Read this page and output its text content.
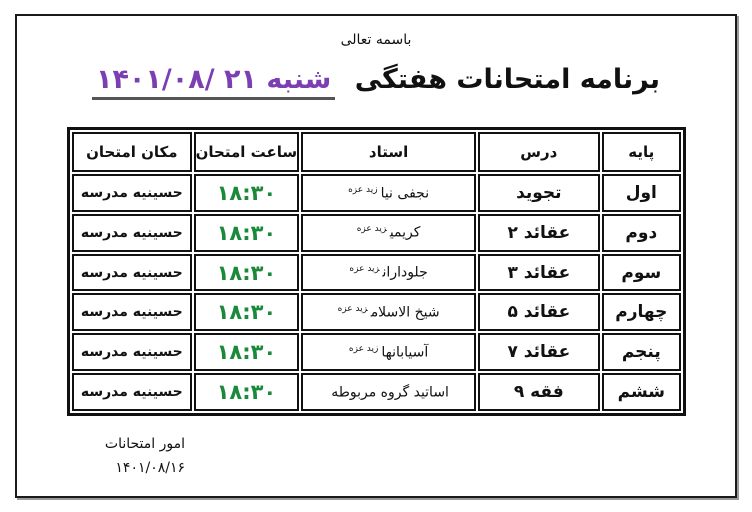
باسمه تعالی
برنامه امتحانات هفتگی شنبه ۲۱ /۱۴۰۱/۰۸
پایه	درس	استاد	ساعت امتحان	مکان امتحان
اول	تجوید	نجفی نیا$^{زید عزه}$	۱۸:۳۰	حسینیه مدرسه
دوم	عقائد ۲	کریمی$^{زید عزه}$	۱۸:۳۰	حسینیه مدرسه
سوم	عقائد ۳	جلوداران$^{زید عزه}$	۱۸:۳۰	حسینیه مدرسه
چهارم	عقائد ۵	شیخ الاسلام$^{زید عزه}$	۱۸:۳۰	حسینیه مدرسه
پنجم	عقائد ۷	آسیابانها$^{زید عزه}$	۱۸:۳۰	حسینیه مدرسه
ششم	فقه ۹	اساتید گروه مربوطه	۱۸:۳۰	حسینیه مدرسه
امور امتحانات
۱۴۰۱/۰۸/۱۶
